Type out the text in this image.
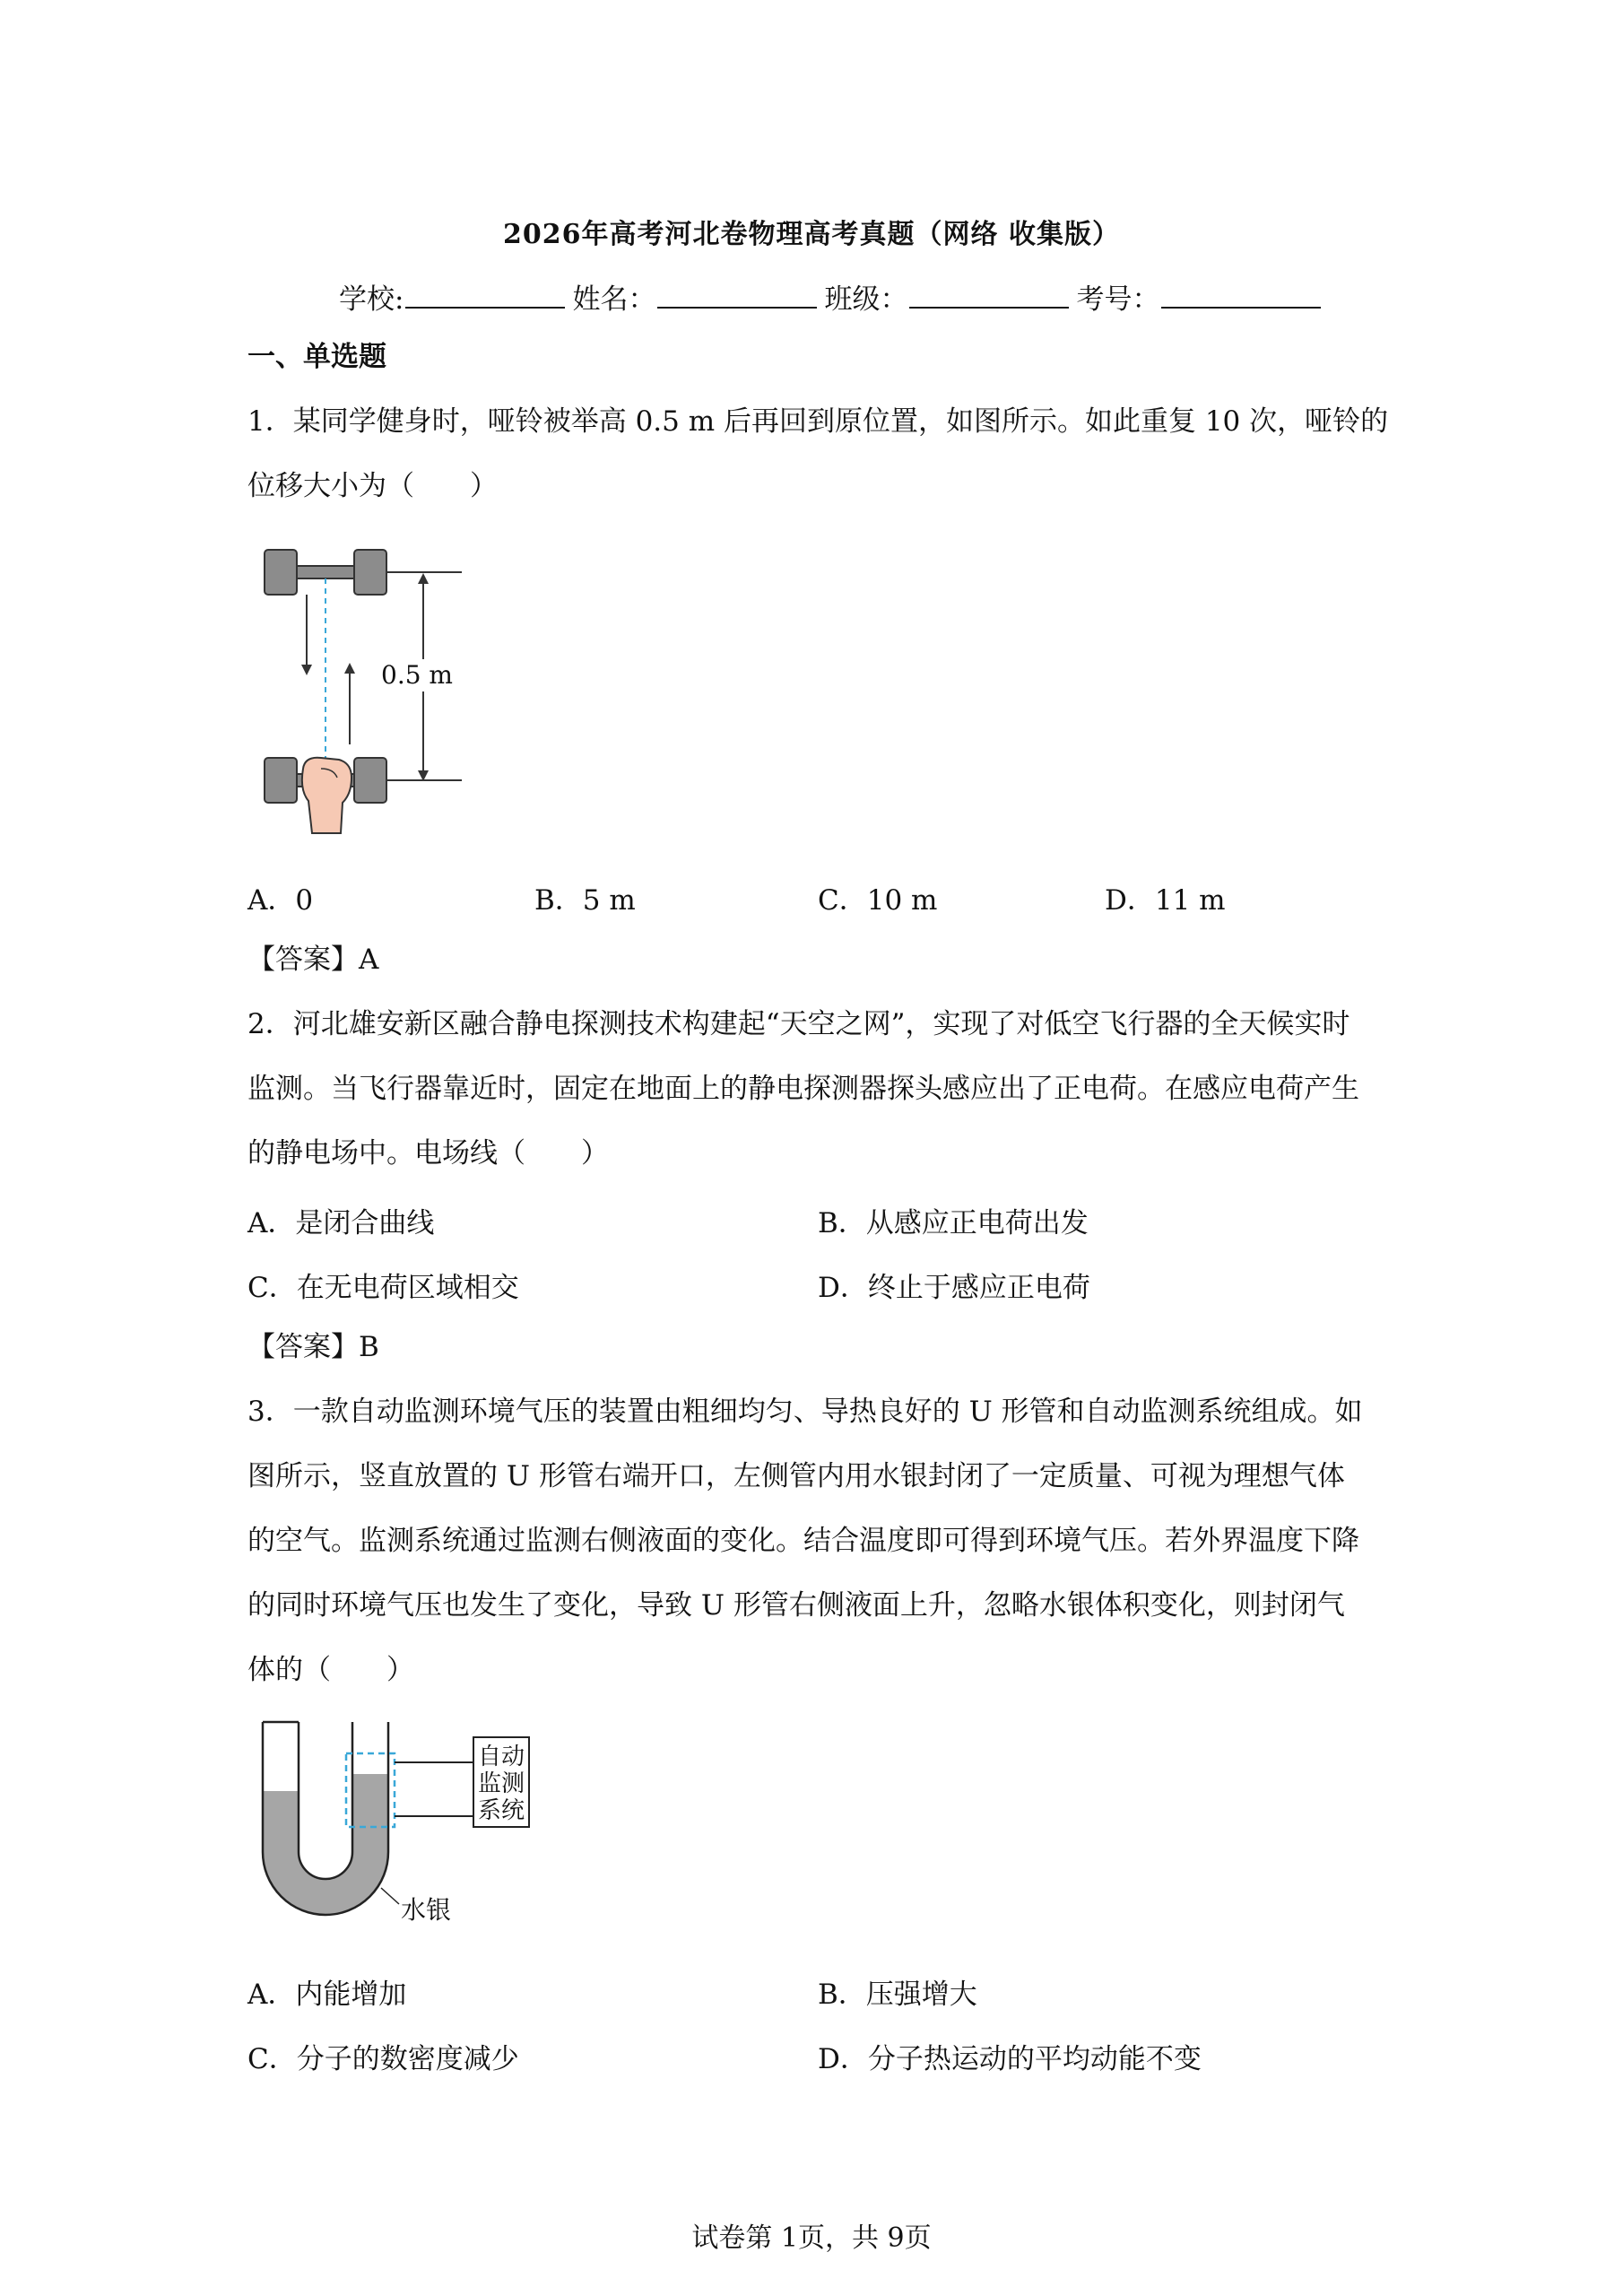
2026年高考河北卷物理高考真题（网络 收集版）
学校:	姓名：	班级：	考号：
一、单选题
1．某同学健身时，哑铃被举高 0.5 m 后再回到原位置，如图所示。如此重复 10 次，哑铃的
位移大小为（　　）
0.5 m
A．0	B．5 m	C．10 m	D．11 m
【答案】A
2．河北雄安新区融合静电探测技术构建起“天空之网”，实现了对低空飞行器的全天候实时
监测。当飞行器靠近时，固定在地面上的静电探测器探头感应出了正电荷。在感应电荷产生
的静电场中。电场线（　　）
A．是闭合曲线	B．从感应正电荷出发
C．在无电荷区域相交	D．终止于感应正电荷
【答案】B
3．一款自动监测环境气压的装置由粗细均匀、导热良好的 U 形管和自动监测系统组成。如
图所示，竖直放置的 U 形管右端开口，左侧管内用水银封闭了一定质量、可视为理想气体
的空气。监测系统通过监测右侧液面的变化。结合温度即可得到环境气压。若外界温度下降
的同时环境气压也发生了变化，导致 U 形管右侧液面上升，忽略水银体积变化，则封闭气
体的（　　）
自动
监测
系统
水银
A．内能增加	B．压强增大
C．分子的数密度减少	D．分子热运动的平均动能不变
试卷第 1页，共 9页
